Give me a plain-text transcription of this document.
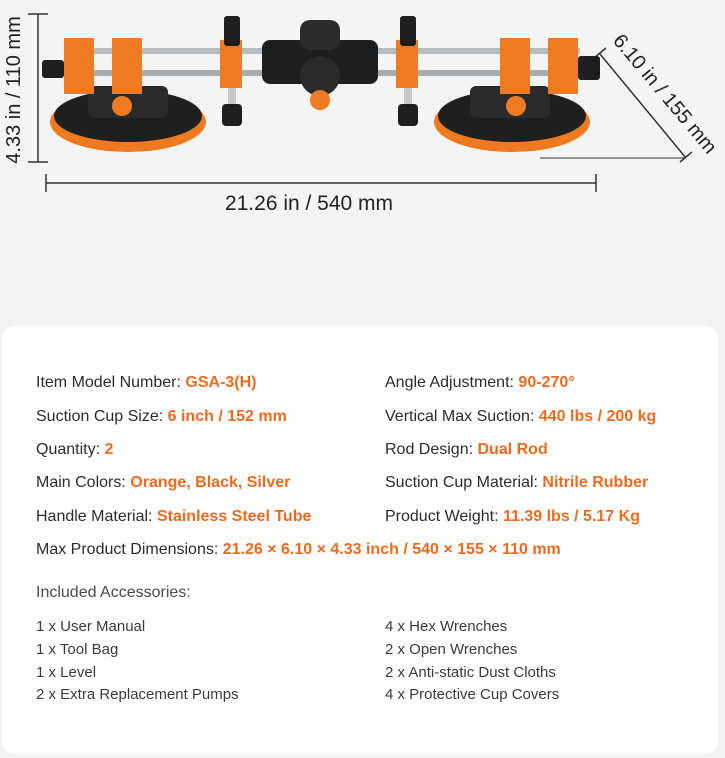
4.33 in / 110 mm
21.26 in / 540 mm
6.10 in / 155 mm
Item Model Number: GSA-3(H)	Angle Adjustment: 90-270°
Suction Cup Size: 6 inch / 152 mm	Vertical Max Suction: 440 lbs / 200 kg
Quantity: 2	Rod Design: Dual Rod
Main Colors: Orange, Black, Silver	Suction Cup Material: Nitrile Rubber
Handle Material: Stainless Steel Tube	Product Weight: 11.39 lbs / 5.17 Kg
Max Product Dimensions: 21.26 × 6.10 × 4.33 inch / 540 × 155 × 110 mm
Included Accessories:
1 x User Manual
1 x Tool Bag
1 x Level
2 x Extra Replacement Pumps
4 x Hex Wrenches
2 x Open Wrenches
2 x Anti-static Dust Cloths
4 x Protective Cup Covers
